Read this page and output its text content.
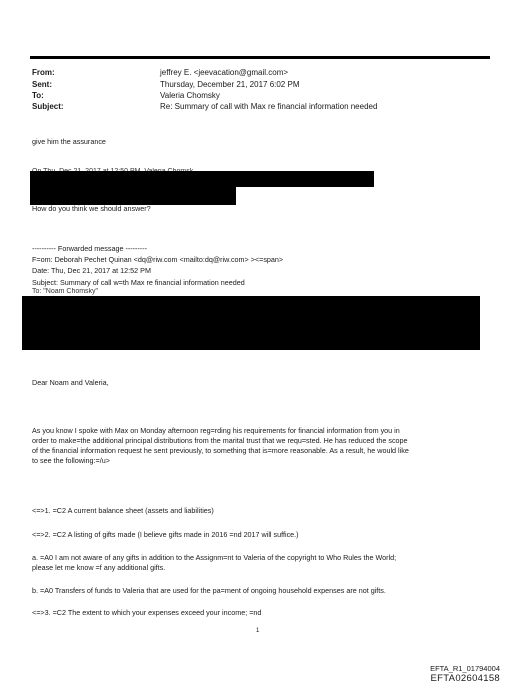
From:	jeffrey E. <jeevacation@gmail.com>
Sent:	Thursday, December 21, 2017 6:02 PM
To:	Valeria Chomsky
Subject:	Re: Summary of call with Max re financial information needed
give him the assurance
How do you think we should answer?
---------- Forwarded message ---------
F=om: Deborah Pechet Quinan <dq@riw.com <mailto:dq@riw.com> ><=span>
Date: Thu, Dec 21, 2017 at 12:52 PM
Subject: Summary of call w=th Max re financial information needed
To: "Noam Chomsky"
Dear Noam and Valeria,
As you know I spoke with Max on Monday afternoon reg=rding his requirements for financial information from you in
order to make=the additional principal distributions from the marital trust that we requ=sted. He has reduced the scope
of the financial information request he sent previously, to something that is=more reasonable. As a result, he would like
to see the following:=/u>
<=>1. =C2 A current balance sheet (assets and liabilities)
<=>2. =C2 A listing of gifts made (I believe gifts made in 2016 =nd 2017 will suffice.)
a. =A0 I am not aware of any gifts in addition to the Assignm=nt to Valeria of the copyright to Who Rules the World;
please let me know =f any additional gifts.
b. =A0 Transfers of funds to Valeria that are used for the pa=ment of ongoing household expenses are not gifts.
<=>3. =C2 The extent to which your expenses exceed your income; =nd
1
EFTA_R1_01794004
EFTA02604158
